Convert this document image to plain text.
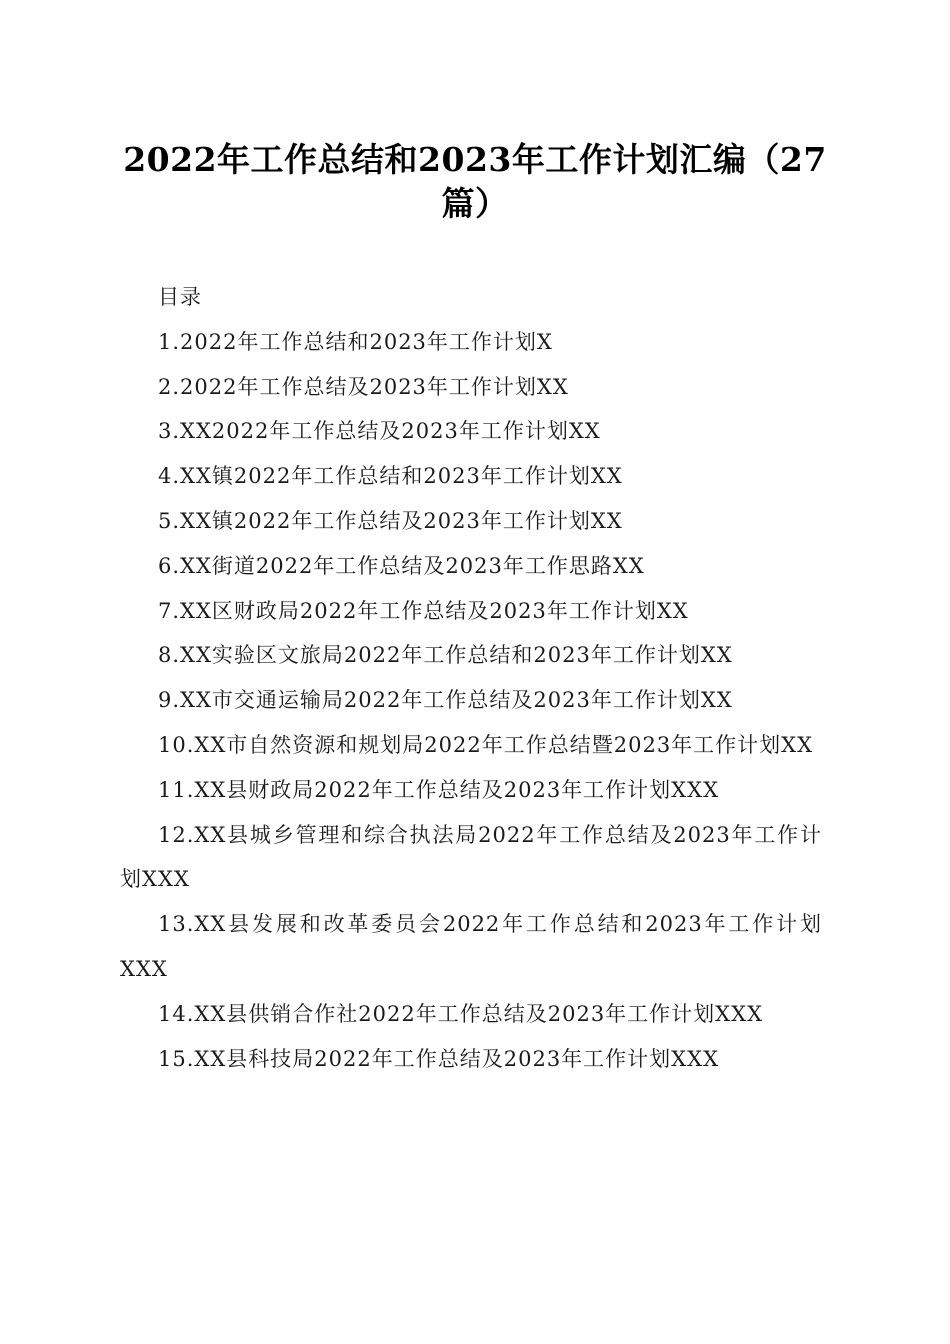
2022年工作总结和2023年工作计划汇编（27篇）

目录

1.2022年工作总结和2023年工作计划X

2.2022年工作总结及2023年工作计划XX

3.XX2022年工作总结及2023年工作计划XX

4.XX镇2022年工作总结和2023年工作计划XX

5.XX镇2022年工作总结及2023年工作计划XX

6.XX街道2022年工作总结及2023年工作思路XX

7.XX区财政局2022年工作总结及2023年工作计划XX

8.XX实验区文旅局2022年工作总结和2023年工作计划XX

9.XX市交通运输局2022年工作总结及2023年工作计划XX

10.XX市自然资源和规划局2022年工作总结暨2023年工作计划XX

11.XX县财政局2022年工作总结及2023年工作计划XXX

12.XX县城乡管理和综合执法局2022年工作总结及2023年工作计划XXX

13.XX县发展和改革委员会2022年工作总结和2023年工作计划XXX

14.XX县供销合作社2022年工作总结及2023年工作计划XXX

15.XX县科技局2022年工作总结及2023年工作计划XXX
